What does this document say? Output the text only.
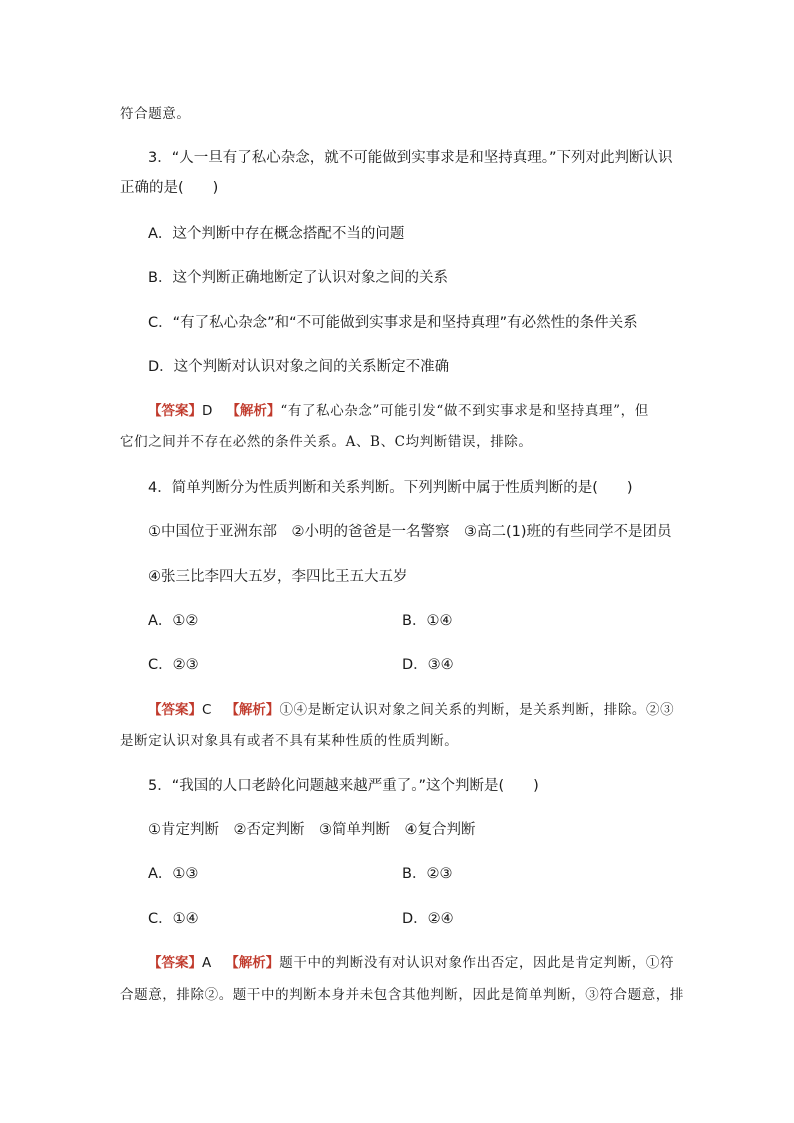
符合题意。
3．“人一旦有了私心杂念，就不可能做到实事求是和坚持真理。”下列对此判断认识
正确的是(　　)
A．这个判断中存在概念搭配不当的问题
B．这个判断正确地断定了认识对象之间的关系
C．“有了私心杂念”和“不可能做到实事求是和坚持真理”有必然性的条件关系
D．这个判断对认识对象之间的关系断定不准确
【答案】D 【解析】“有了私心杂念”可能引发“做不到实事求是和坚持真理”，但
它们之间并不存在必然的条件关系。A、B、C均判断错误，排除。
4．简单判断分为性质判断和关系判断。下列判断中属于性质判断的是(　　)
①中国位于亚洲东部　②小明的爸爸是一名警察　③高二(1)班的有些同学不是团员
④张三比李四大五岁，李四比王五大五岁
A．①②	B．①④
C．②③	D．③④
【答案】C 【解析】①④是断定认识对象之间关系的判断，是关系判断，排除。②③
是断定认识对象具有或者不具有某种性质的性质判断。
5．“我国的人口老龄化问题越来越严重了。”这个判断是(　　)
①肯定判断　②否定判断　③简单判断　④复合判断
A．①③	B．②③
C．①④	D．②④
【答案】A 【解析】题干中的判断没有对认识对象作出否定，因此是肯定判断，①符
合题意，排除②。题干中的判断本身并未包含其他判断，因此是简单判断，③符合题意，排
